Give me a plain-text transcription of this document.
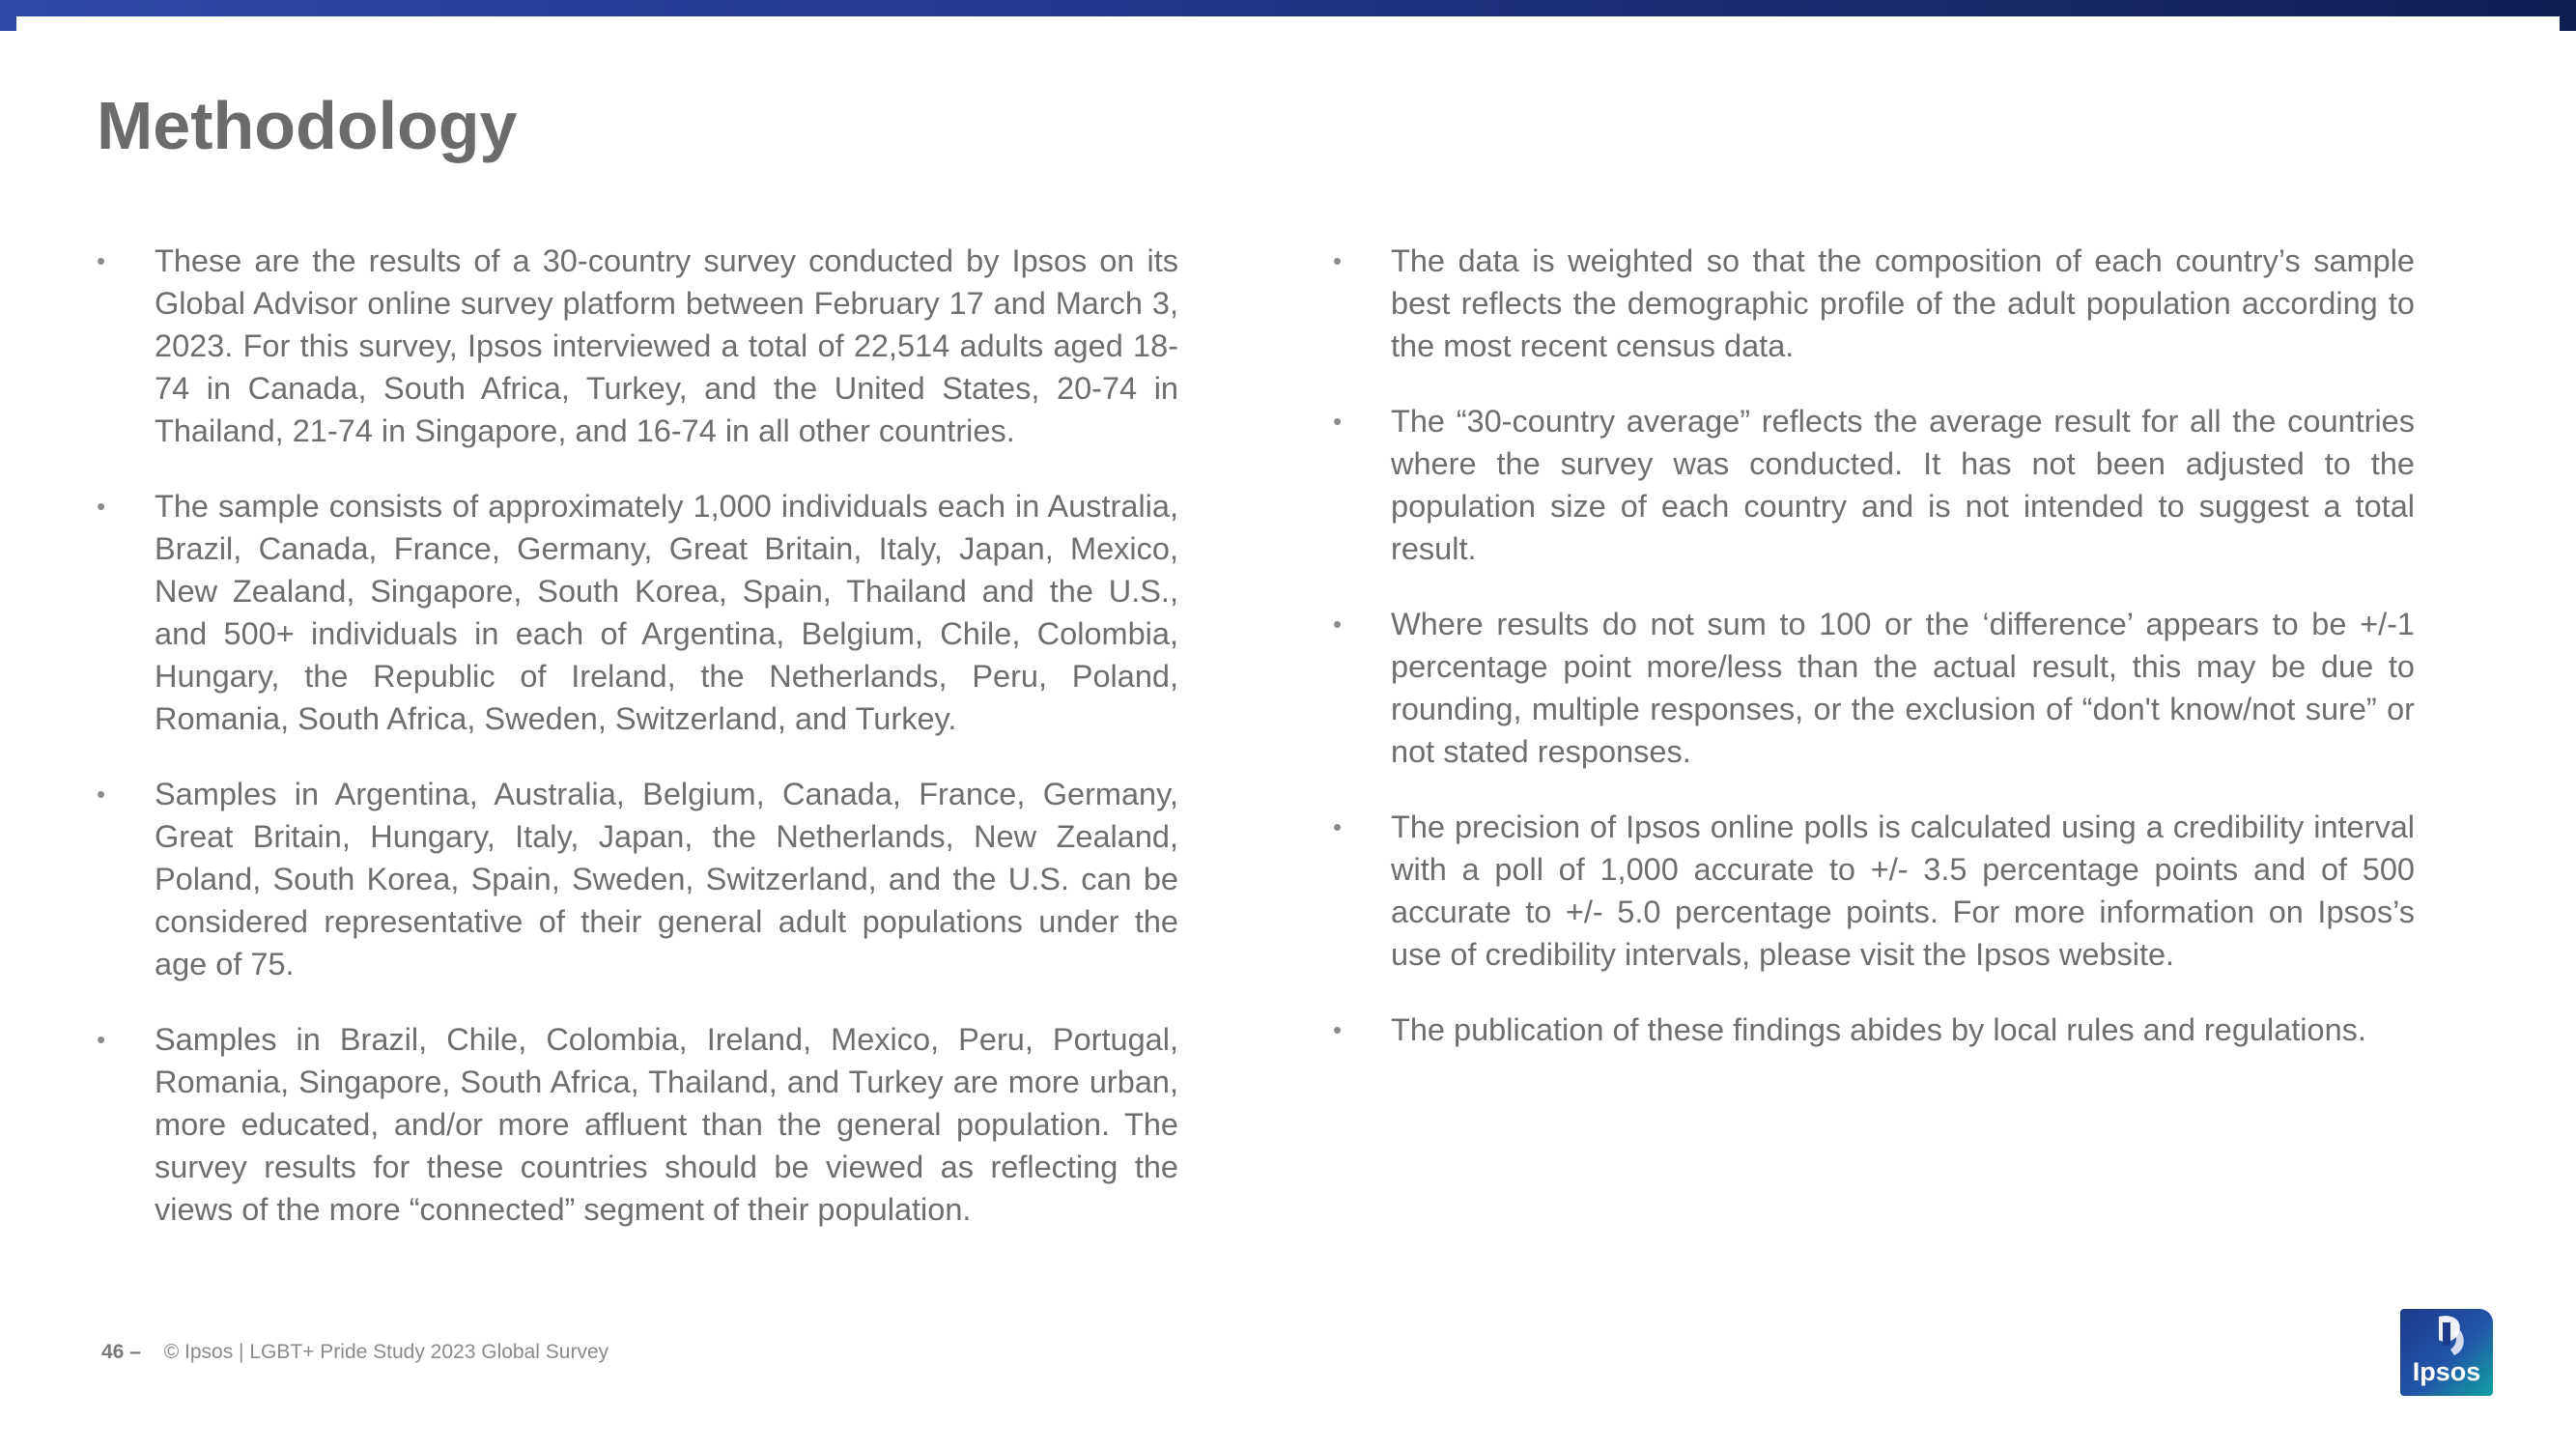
Methodology
• These are the results of a 30-country survey conducted by Ipsos on its Global Advisor online survey platform between February 17 and March 3, 2023. For this survey, Ipsos interviewed a total of 22,514 adults aged 18-74 in Canada, South Africa, Turkey, and the United States, 20-74 in Thailand, 21-74 in Singapore, and 16-74 in all other countries.
• The sample consists of approximately 1,000 individuals each in Australia, Brazil, Canada, France, Germany, Great Britain, Italy, Japan, Mexico, New Zealand, Singapore, South Korea, Spain, Thailand and the U.S., and 500+ individuals in each of Argentina, Belgium, Chile, Colombia, Hungary, the Republic of Ireland, the Netherlands, Peru, Poland, Romania, South Africa, Sweden, Switzerland, and Turkey.
• Samples in Argentina, Australia, Belgium, Canada, France, Germany, Great Britain, Hungary, Italy, Japan, the Netherlands, New Zealand, Poland, South Korea, Spain, Sweden, Switzerland, and the U.S. can be considered representative of their general adult populations under the age of 75.
• Samples in Brazil, Chile, Colombia, Ireland, Mexico, Peru, Portugal, Romania, Singapore, South Africa, Thailand, and Turkey are more urban, more educated, and/or more affluent than the general population. The survey results for these countries should be viewed as reflecting the views of the more “connected” segment of their population.
• The data is weighted so that the composition of each country’s sample best reflects the demographic profile of the adult population according to the most recent census data.
• The “30-country average” reflects the average result for all the countries where the survey was conducted. It has not been adjusted to the population size of each country and is not intended to suggest a total result.
• Where results do not sum to 100 or the ‘difference’ appears to be +/-1 percentage point more/less than the actual result, this may be due to rounding, multiple responses, or the exclusion of “don't know/not sure” or not stated responses.
• The precision of Ipsos online polls is calculated using a credibility interval with a poll of 1,000 accurate to +/- 3.5 percentage points and of 500 accurate to +/- 5.0 percentage points. For more information on Ipsos’s use of credibility intervals, please visit the Ipsos website.
• The publication of these findings abides by local rules and regulations.
46 – © Ipsos | LGBT+ Pride Study 2023 Global Survey
Ipsos
